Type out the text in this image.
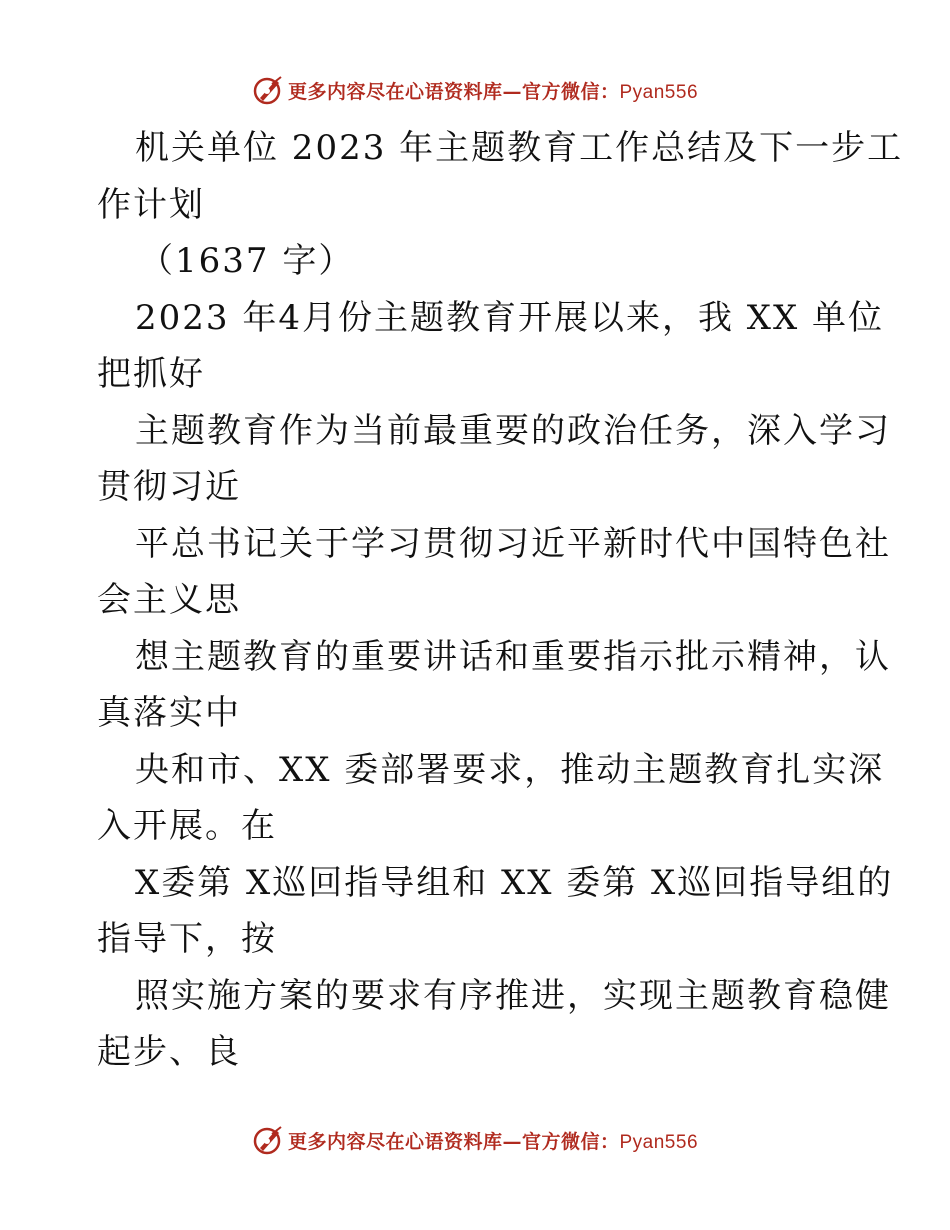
更多内容尽在心语资料库—官方微信：Pyan556
机关单位 2023 年主题教育工作总结及下一步工
作计划
（1637 字）
2023 年4月份主题教育开展以来，我 XX 单位
把抓好
主题教育作为当前最重要的政治任务，深入学习
贯彻习近
平总书记关于学习贯彻习近平新时代中国特色社
会主义思
想主题教育的重要讲话和重要指示批示精神，认
真落实中
央和市、XX 委部署要求，推动主题教育扎实深
入开展。在
X委第 X巡回指导组和 XX 委第 X巡回指导组的
指导下，按
照实施方案的要求有序推进，实现主题教育稳健
起步、良
更多内容尽在心语资料库—官方微信：Pyan556
